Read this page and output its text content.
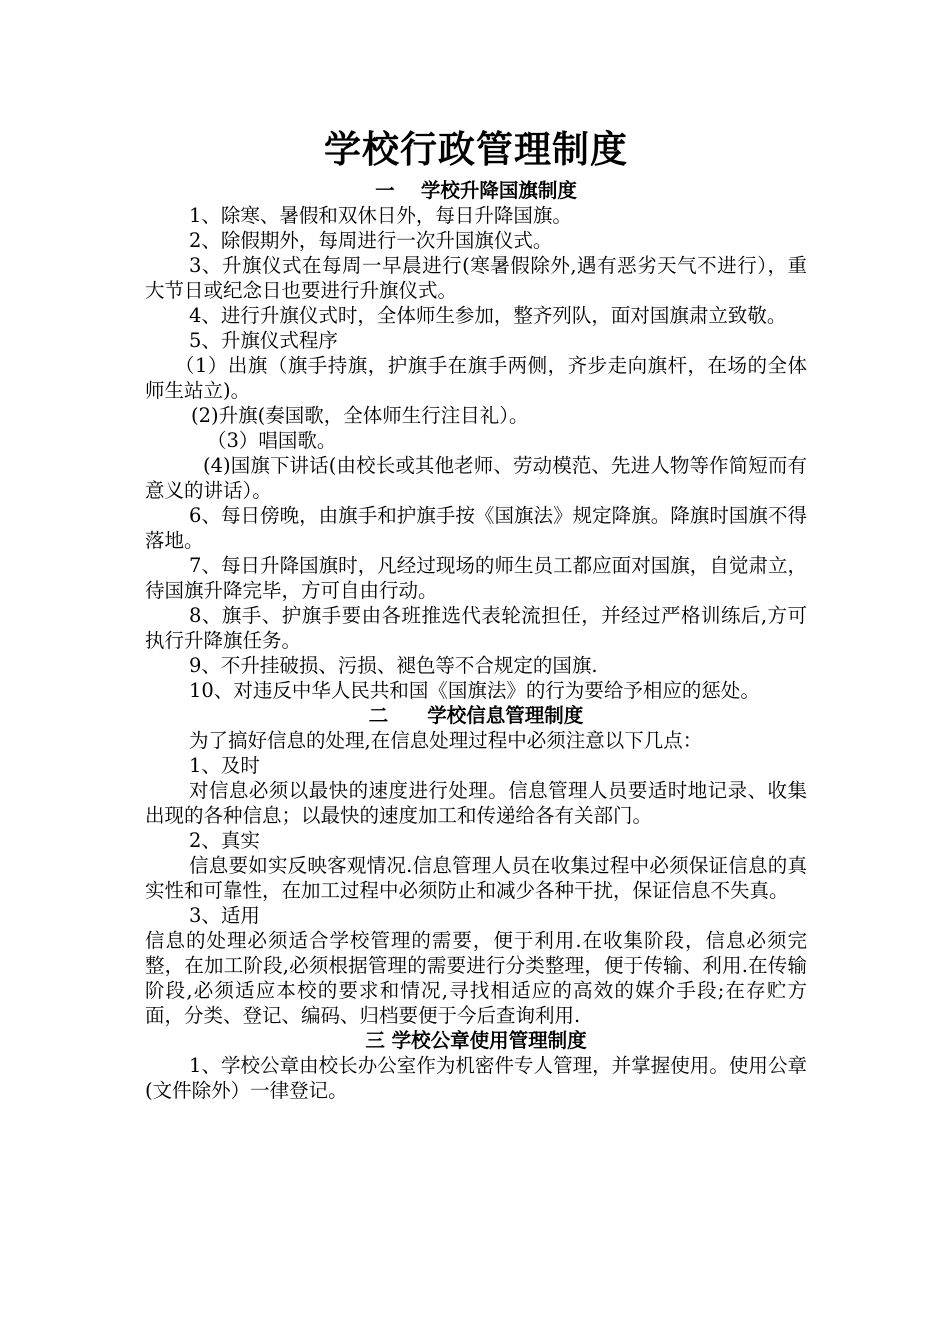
学校行政管理制度
一　 学校升降国旗制度

1、除寒、暑假和双休日外，每日升降国旗。

2、除假期外，每周进行一次升国旗仪式。

3、升旗仪式在每周一早晨进行(寒暑假除外,遇有恶劣天气不进行），重大节日或纪念日也要进行升旗仪式。

4、进行升旗仪式时，全体师生参加，整齐列队，面对国旗肃立致敬。

5、升旗仪式程序

（1）出旗（旗手持旗，护旗手在旗手两侧，齐步走向旗杆，在场的全体师生站立)。

(2)升旗(奏国歌，全体师生行注目礼）。

（3）唱国歌。

(4)国旗下讲话(由校长或其他老师、劳动模范、先进人物等作简短而有意义的讲话）。

6、每日傍晚，由旗手和护旗手按《国旗法》规定降旗。降旗时国旗不得落地。

7、每日升降国旗时，凡经过现场的师生员工都应面对国旗，自觉肃立，待国旗升降完毕，方可自由行动。

8、旗手、护旗手要由各班推选代表轮流担任，并经过严格训练后,方可执行升降旗任务。

9、不升挂破损、污损、褪色等不合规定的国旗.

10、对违反中华人民共和国《国旗法》的行为要给予相应的惩处。

二　　学校信息管理制度

为了搞好信息的处理,在信息处理过程中必须注意以下几点：

1、及时

对信息必须以最快的速度进行处理。信息管理人员要适时地记录、收集出现的各种信息；以最快的速度加工和传递给各有关部门。

2、真实

信息要如实反映客观情况.信息管理人员在收集过程中必须保证信息的真实性和可靠性，在加工过程中必须防止和减少各种干扰，保证信息不失真。

3、适用

信息的处理必须适合学校管理的需要，便于利用.在收集阶段，信息必须完整，在加工阶段,必须根据管理的需要进行分类整理，便于传输、利用.在传输阶段,必须适应本校的要求和情况,寻找相适应的高效的媒介手段;在存贮方面，分类、登记、编码、归档要便于今后查询利用.

三 学校公章使用管理制度

1、学校公章由校长办公室作为机密件专人管理，并掌握使用。使用公章(文件除外）一律登记。
